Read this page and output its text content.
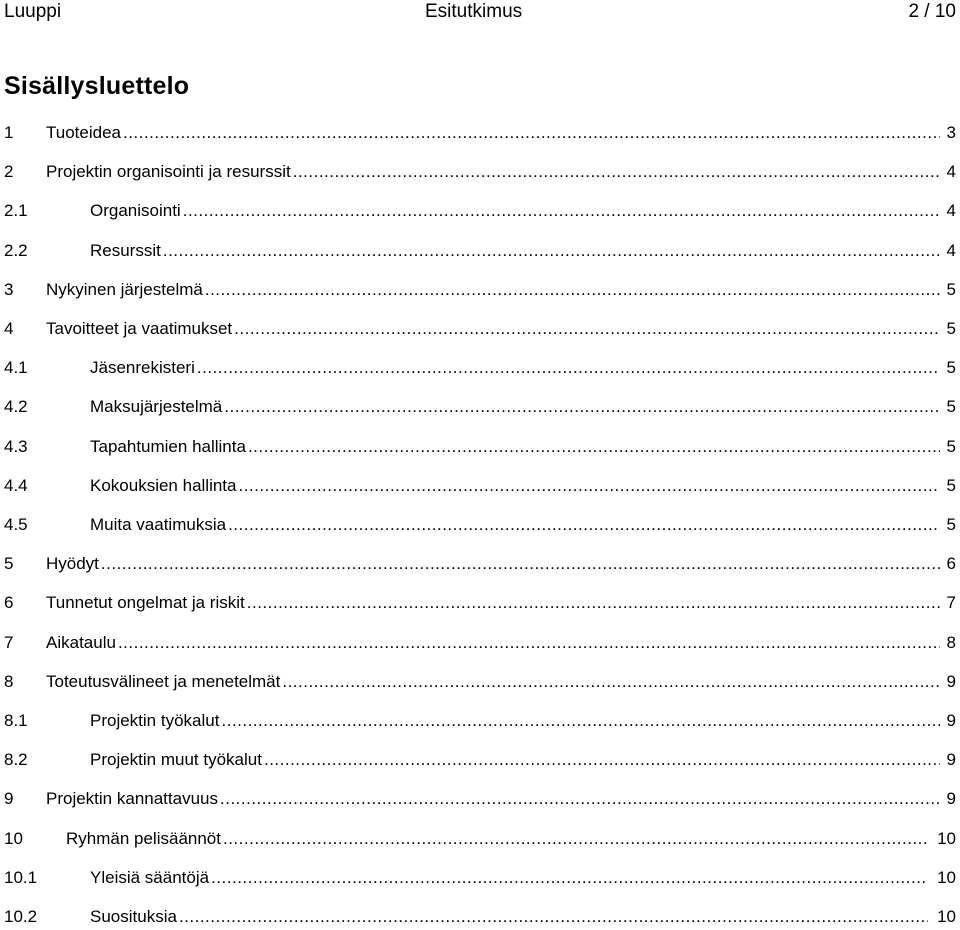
Luuppi	Esitutkimus	2 / 10
Sisällysluettelo
1 Tuoteidea .....	3
2 Projektin organisointi ja resurssit .....	4
2.1	Organisointi .....	4
2.2	Resurssit .....	4
3 Nykyinen järjestelmä .....	5
4 Tavoitteet ja vaatimukset .....	5
4.1	Jäsenrekisteri .....	5
4.2	Maksujärjestelmä .....	5
4.3	Tapahtumien hallinta .....	5
4.4	Kokouksien hallinta .....	5
4.5	Muita vaatimuksia .....	5
5 Hyödyt .....	6
6 Tunnetut ongelmat ja riskit .....	7
7 Aikataulu .....	8
8 Toteutusvälineet ja menetelmät .....	9
8.1	Projektin työkalut .....	9
8.2	Projektin muut työkalut .....	9
9 Projektin kannattavuus .....	9
10	Ryhmän pelisäännöt .....	10
10.1	Yleisiä sääntöjä .....	10
10.2	Suosituksia .....	10
